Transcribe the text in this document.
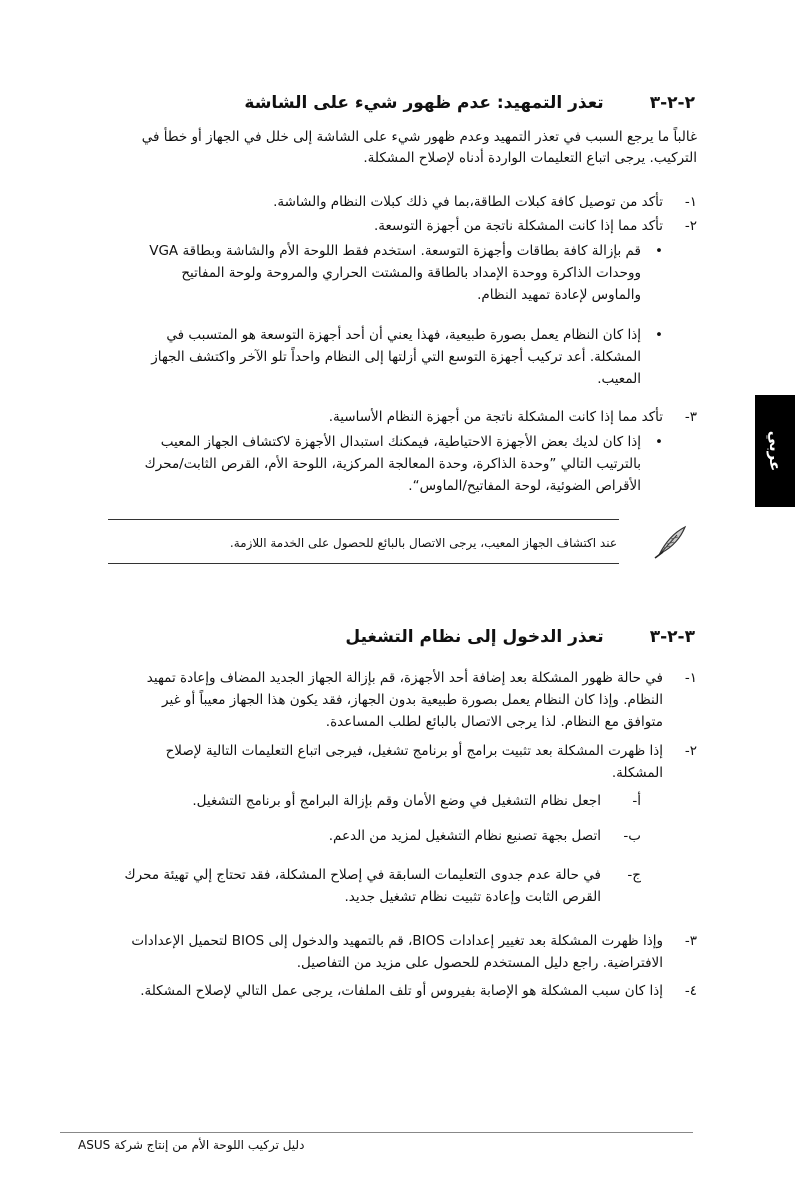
عربي
٢-٢-٣تعذر التمهيد: عدم ظهور شيء على الشاشة
غالباً ما يرجع السبب في تعذر التمهيد وعدم ظهور شيء على الشاشة إلى خلل في الجهاز أو خطأ في التركيب. يرجى اتباع التعليمات الواردة أدناه لإصلاح المشكلة.
١-
تأكد من توصيل كافة كبلات الطاقة،بما في ذلك كبلات النظام والشاشة.
٢-
تأكد مما إذا كانت المشكلة ناتجة من أجهزة التوسعة.
•
قم بإزالة كافة بطاقات وأجهزة التوسعة. استخدم فقط اللوحة الأم والشاشة وبطاقة VGA ووحدات الذاكرة ووحدة الإمداد بالطاقة والمشتت الحراري والمروحة ولوحة المفاتيح والماوس لإعادة تمهيد النظام.
•
إذا كان النظام يعمل بصورة طبيعية، فهذا يعني أن أحد أجهزة التوسعة هو المتسبب في المشكلة. أعد تركيب أجهزة التوسع التي أزلتها إلى النظام واحداً تلو الآخر واكتشف الجهاز المعيب.
٣-
تأكد مما إذا كانت المشكلة ناتجة من أجهزة النظام الأساسية.
•
إذا كان لديك بعض الأجهزة الاحتياطية، فيمكنك استبدال الأجهزة لاكتشاف الجهاز المعيب بالترتيب التالي ”وحدة الذاكرة، وحدة المعالجة المركزية، اللوحة الأم، القرص الثابت/محرك الأقراص الضوئية، لوحة المفاتيح/الماوس“.
عند اكتشاف الجهاز المعيب، يرجى الاتصال بالبائع للحصول على الخدمة اللازمة.
٣-٢-٣تعذر الدخول إلى نظام التشغيل
١-
في حالة ظهور المشكلة بعد إضافة أحد الأجهزة، قم بإزالة الجهاز الجديد المضاف وإعادة تمهيد النظام. وإذا كان النظام يعمل بصورة طبيعية بدون الجهاز، فقد يكون هذا الجهاز معيباً أو غير متوافق مع النظام. لذا يرجى الاتصال بالبائع لطلب المساعدة.
٢-
إذا ظهرت المشكلة بعد تثبيت برامج أو برنامج تشغيل، فيرجى اتباع التعليمات التالية لإصلاح المشكلة.
أ-
اجعل نظام التشغيل في وضع الأمان وقم بإزالة البرامج أو برنامج التشغيل.
ب-
اتصل بجهة تصنيع نظام التشغيل لمزيد من الدعم.
ج-
في حالة عدم جدوى التعليمات السابقة في إصلاح المشكلة، فقد تحتاج إلي تهيئة محرك القرص الثابت وإعادة تثبيت نظام تشغيل جديد.
٣-
وإذا ظهرت المشكلة بعد تغيير إعدادات BIOS، قم بالتمهيد والدخول إلى BIOS لتحميل الإعدادات الافتراضية. راجع دليل المستخدم للحصول على مزيد من التفاصيل.
٤-
إذا كان سبب المشكلة هو الإصابة بفيروس أو تلف الملفات، يرجى عمل التالي لإصلاح المشكلة.
دليل تركيب اللوحة الأم من إنتاج شركة ASUS
